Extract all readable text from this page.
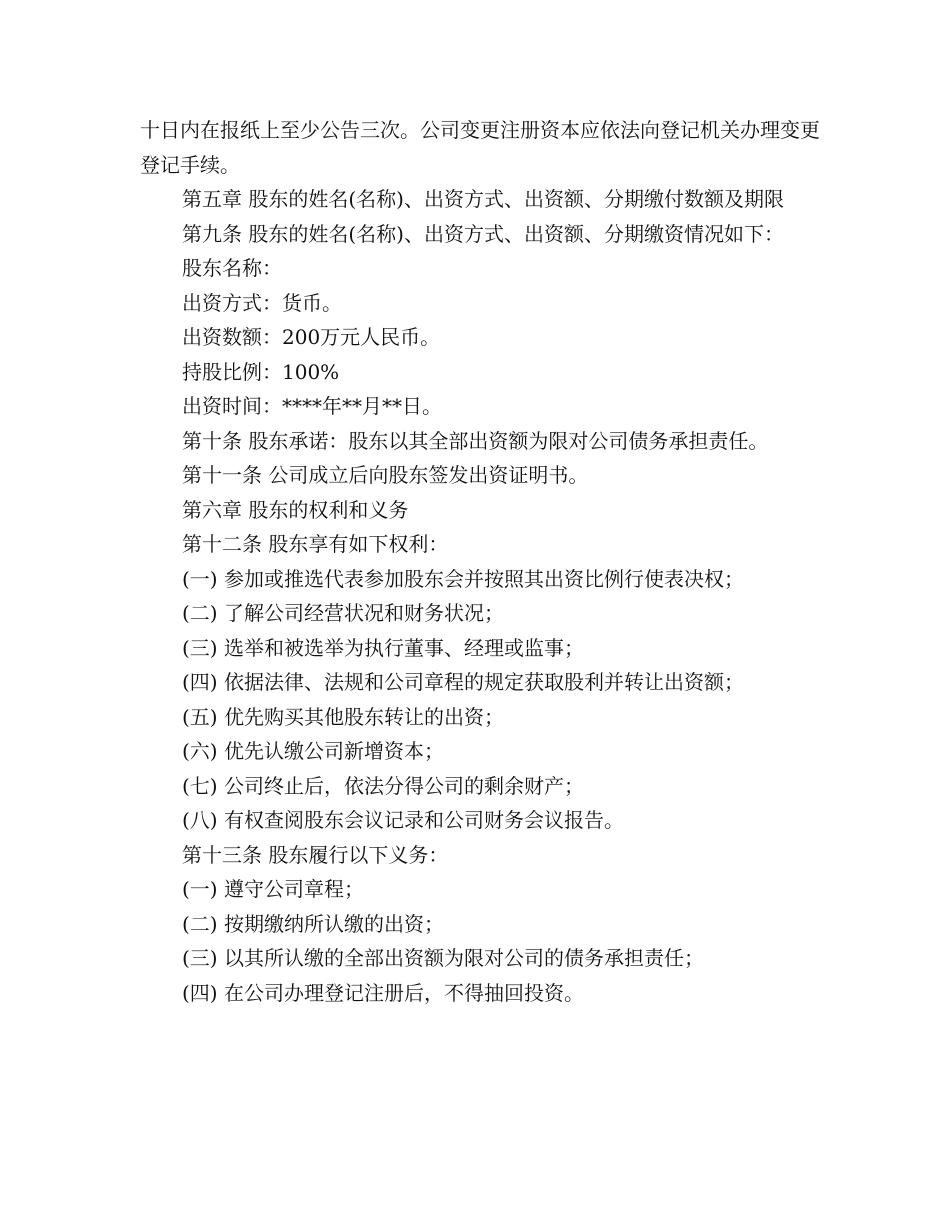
十日内在报纸上至少公告三次。公司变更注册资本应依法向登记机关办理变更登记手续。

第五章 股东的姓名(名称)、出资方式、出资额、分期缴付数额及期限

第九条 股东的姓名(名称)、出资方式、出资额、分期缴资情况如下：

股东名称：

出资方式：货币。

出资数额：200万元人民币。

持股比例：100%

出资时间：****年**月**日。

第十条 股东承诺：股东以其全部出资额为限对公司债务承担责任。

第十一条 公司成立后向股东签发出资证明书。

第六章 股东的权利和义务

第十二条 股东享有如下权利：

(一) 参加或推选代表参加股东会并按照其出资比例行使表决权；

(二) 了解公司经营状况和财务状况；

(三) 选举和被选举为执行董事、经理或监事；

(四) 依据法律、法规和公司章程的规定获取股利并转让出资额；

(五) 优先购买其他股东转让的出资；

(六) 优先认缴公司新增资本；

(七) 公司终止后，依法分得公司的剩余财产；

(八) 有权查阅股东会议记录和公司财务会议报告。

第十三条 股东履行以下义务：

(一) 遵守公司章程；

(二) 按期缴纳所认缴的出资；

(三) 以其所认缴的全部出资额为限对公司的债务承担责任；

(四) 在公司办理登记注册后，不得抽回投资。
